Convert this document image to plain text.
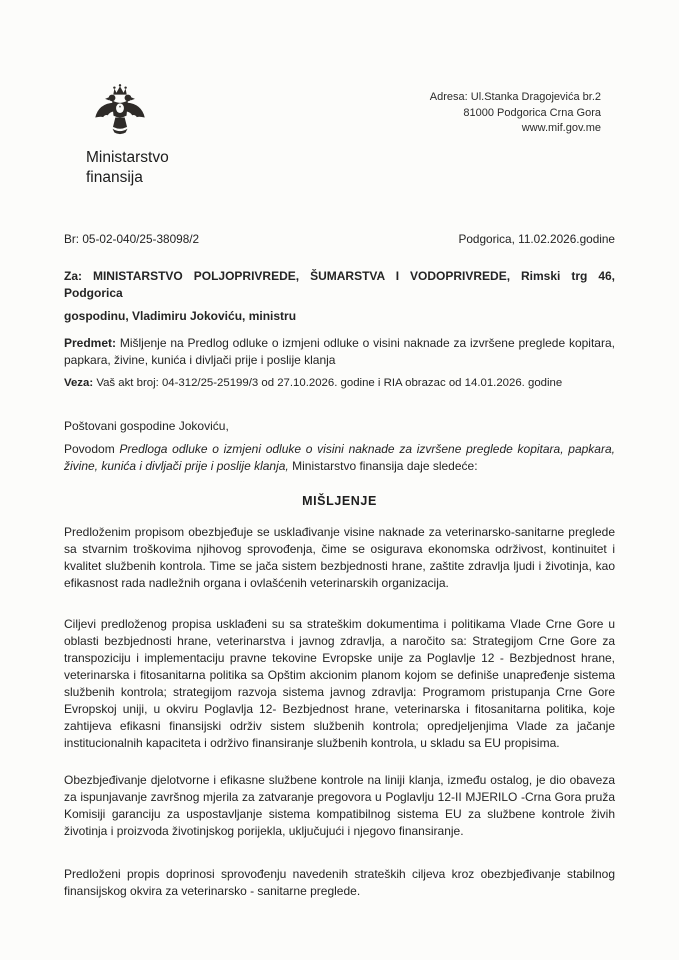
Ministarstvo
finansija
Adresa: Ul.Stanka Dragojevića br.2
81000 Podgorica Crna Gora
www.mif.gov.me
Br: 05-02-040/25-38098/2	Podgorica, 11.02.2026.godine

Za: MINISTARSTVO POLJOPRIVREDE, ŠUMARSTVA I VODOPRIVREDE, Rimski trg 46, Podgorica

gospodinu, Vladimiru Jokoviću, ministru

Predmet: Mišljenje na Predlog odluke o izmjeni odluke o visini naknade za izvršene preglede kopitara, papkara, živine, kunića i divljači prije i poslije klanja

Veza: Vaš akt broj: 04-312/25-25199/3 od 27.10.2026. godine i RIA obrazac od 14.01.2026. godine

Poštovani gospodine Jokoviću,

Povodom Predloga odluke o izmjeni odluke o visini naknade za izvršene preglede kopitara, papkara, živine, kunića i divljači prije i poslije klanja, Ministarstvo finansija daje sledeće:

MIŠLJENJE

Predloženim propisom obezbjeđuje se usklađivanje visine naknade za veterinarsko-sanitarne preglede sa stvarnim troškovima njihovog sprovođenja, čime se osigurava ekonomska održivost, kontinuitet i kvalitet službenih kontrola. Time se jača sistem bezbjednosti hrane, zaštite zdravlja ljudi i životinja, kao efikasnost rada nadležnih organa i ovlašćenih veterinarskih organizacija.

Ciljevi predloženog propisa usklađeni su sa strateškim dokumentima i politikama Vlade Crne Gore u oblasti bezbjednosti hrane, veterinarstva i javnog zdravlja, a naročito sa: Strategijom Crne Gore za transpoziciju i implementaciju pravne tekovine Evropske unije za Poglavlje 12 - Bezbjednost hrane, veterinarska i fitosanitarna politika sa Opštim akcionim planom kojom se definiše unapređenje sistema službenih kontrola; strategijom razvoja sistema javnog zdravlja: Programom pristupanja Crne Gore Evropskoj uniji, u okviru Poglavlja 12- Bezbjednost hrane, veterinarska i fitosanitarna politika, koje zahtijeva efikasni finansijski održiv sistem službenih kontrola; opredjeljenjima Vlade za jačanje institucionalnih kapaciteta i održivo finansiranje službenih kontrola, u skladu sa EU propisima.

Obezbjeđivanje djelotvorne i efikasne službene kontrole na liniji klanja, između ostalog, je dio obaveza za ispunjavanje završnog mjerila za zatvaranje pregovora u Poglavlju 12-II MJERILO -Crna Gora pruža Komisiji garanciju za uspostavljanje sistema kompatibilnog sistema EU za službene kontrole živih životinja i proizvoda životinjskog porijekla, uključujući i njegovo finansiranje.

Predloženi propis doprinosi sprovođenju navedenih strateških ciljeva kroz obezbjeđivanje stabilnog finansijskog okvira za veterinarsko - sanitarne preglede.
